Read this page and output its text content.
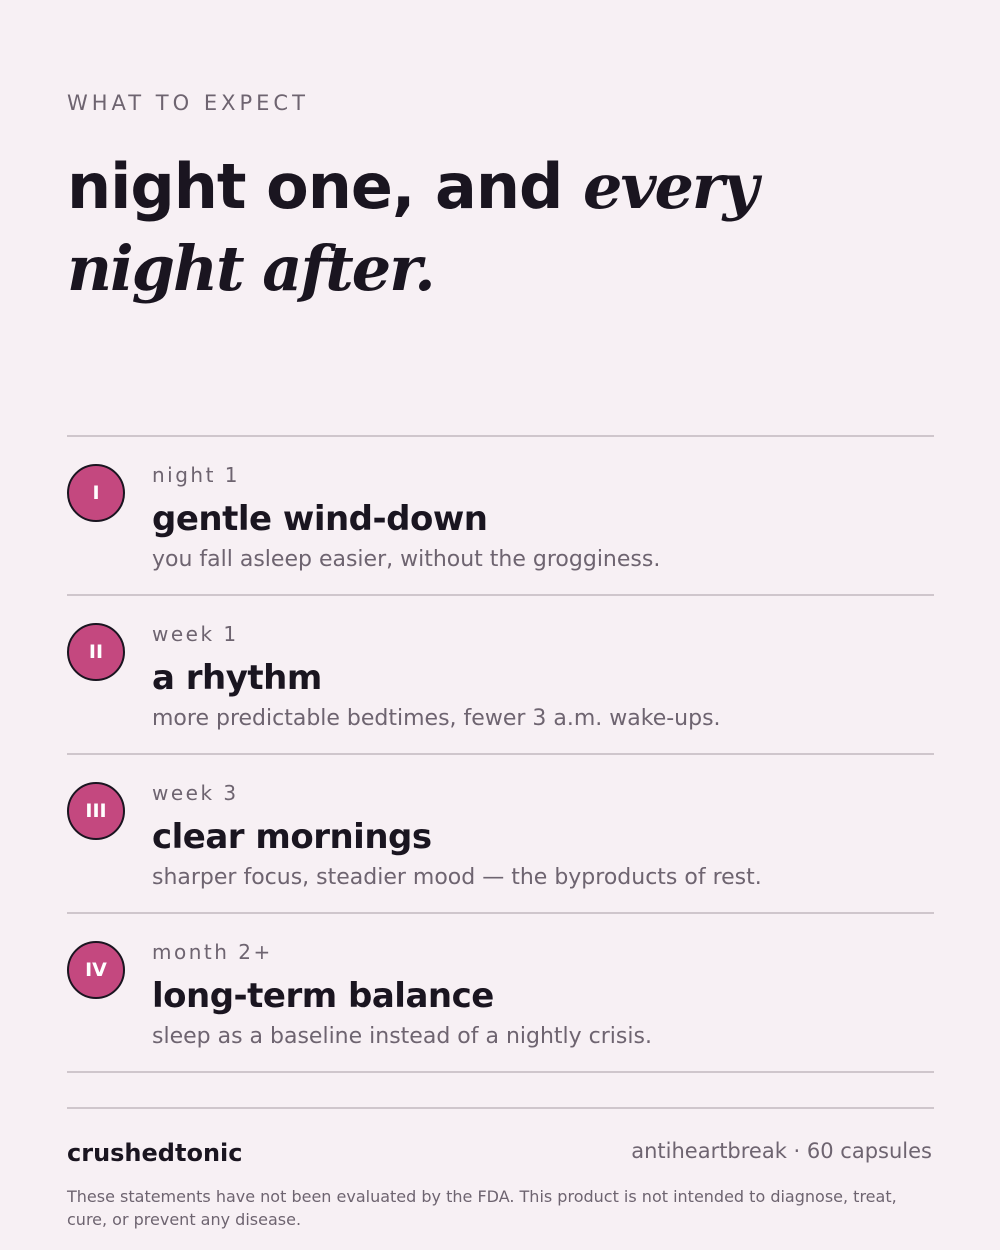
WHAT TO EXPECT
night one, and every night after.
I
night 1
gentle wind-down
you fall asleep easier, without the grogginess.
II
week 1
a rhythm
more predictable bedtimes, fewer 3 a.m. wake-ups.
III
week 3
clear mornings
sharper focus, steadier mood — the byproducts of rest.
IV
month 2+
long-term balance
sleep as a baseline instead of a nightly crisis.
crushedtonic	antiheartbreak · 60 capsules

These statements have not been evaluated by the FDA. This product is not intended to diagnose, treat, cure, or prevent any disease.
